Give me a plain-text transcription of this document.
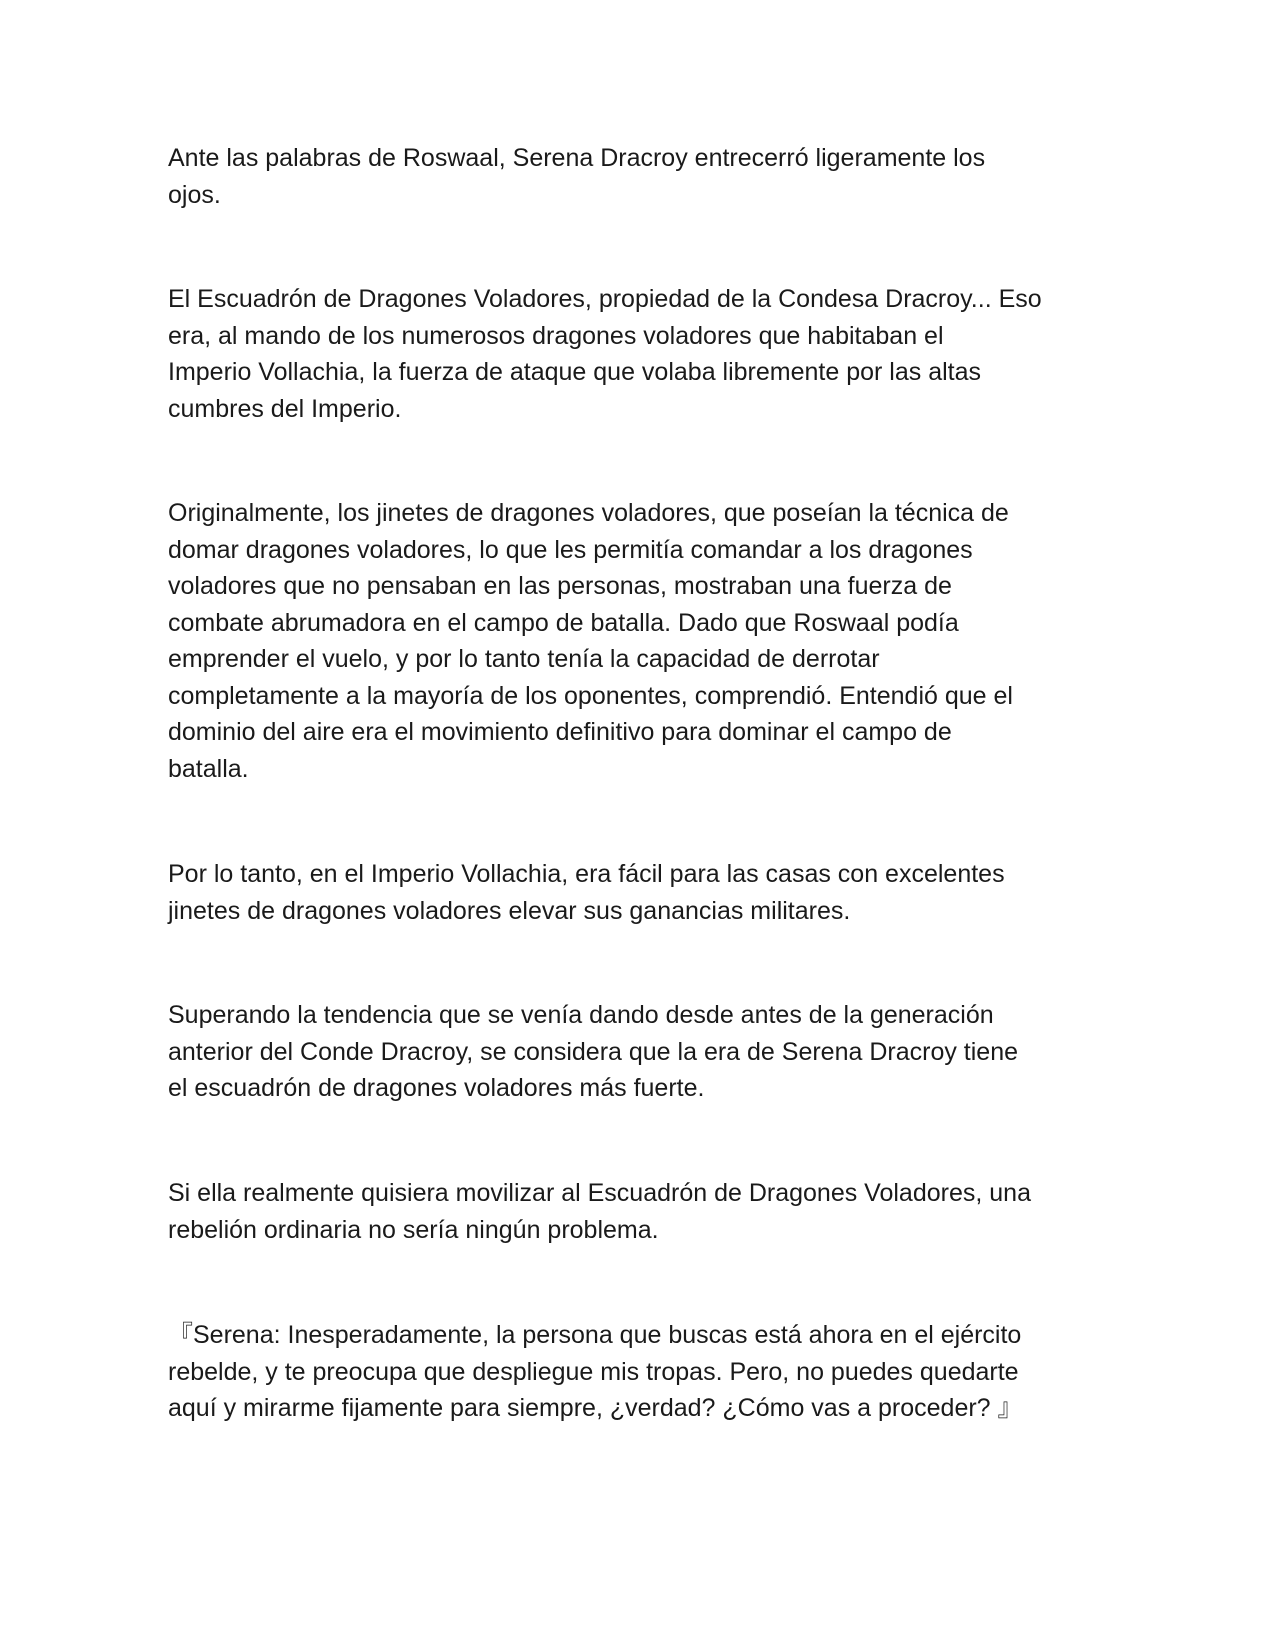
Ante las palabras de Roswaal, Serena Dracroy entrecerró ligeramente los
ojos.

El Escuadrón de Dragones Voladores, propiedad de la Condesa Dracroy... Eso
era, al mando de los numerosos dragones voladores que habitaban el
Imperio Vollachia, la fuerza de ataque que volaba libremente por las altas
cumbres del Imperio.

Originalmente, los jinetes de dragones voladores, que poseían la técnica de
domar dragones voladores, lo que les permitía comandar a los dragones
voladores que no pensaban en las personas, mostraban una fuerza de
combate abrumadora en el campo de batalla. Dado que Roswaal podía
emprender el vuelo, y por lo tanto tenía la capacidad de derrotar
completamente a la mayoría de los oponentes, comprendió. Entendió que el
dominio del aire era el movimiento definitivo para dominar el campo de
batalla.

Por lo tanto, en el Imperio Vollachia, era fácil para las casas con excelentes
jinetes de dragones voladores elevar sus ganancias militares.

Superando la tendencia que se venía dando desde antes de la generación
anterior del Conde Dracroy, se considera que la era de Serena Dracroy tiene
el escuadrón de dragones voladores más fuerte.

Si ella realmente quisiera movilizar al Escuadrón de Dragones Voladores, una
rebelión ordinaria no sería ningún problema.

『Serena: Inesperadamente, la persona que buscas está ahora en el ejército
rebelde, y te preocupa que despliegue mis tropas. Pero, no puedes quedarte
aquí y mirarme fijamente para siempre, ¿verdad? ¿Cómo vas a proceder? 』
